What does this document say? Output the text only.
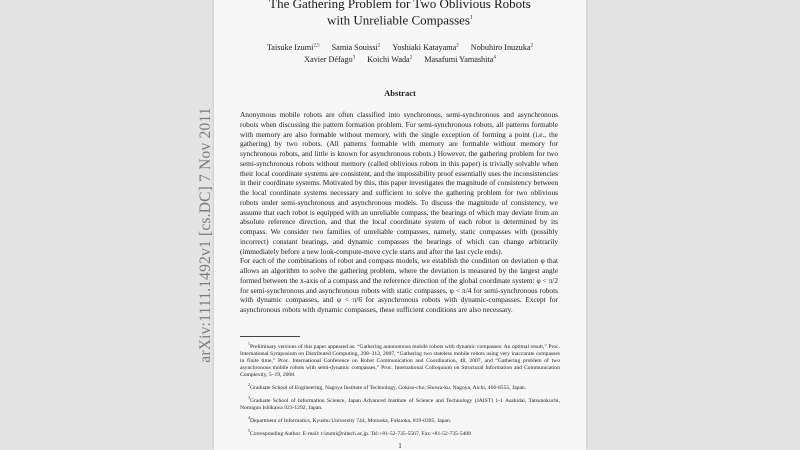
arXiv:1111.1492v1 [cs.DC] 7 Nov 2011
The Gathering Problem for Two Oblivious Robots
with Unreliable Compasses$^1$
Taisuke Izumi$^{2,5}$ Samia Souissi$^2$ Yoshiaki Katayama$^2$ Nobuhiro Inuzuka$^2$
Xavier Défago$^3$ Koichi Wada$^2$ Masafumi Yamashita$^4$
Abstract

Anonymous mobile robots are often classified into synchronous, semi-synchronous and asynchronous robots when discussing the pattern formation problem. For semi-synchronous robots, all patterns formable with memory are also formable without memory, with the single exception of forming a point (i.e., the gathering) by two robots. (All patterns formable with memory are formable without memory for synchronous robots, and little is known for asynchronous robots.) However, the gathering problem for two semi-synchronous robots without memory (called oblivious robots in this paper) is trivially solvable when their local coordinate systems are consistent, and the impossibility proof essentially uses the inconsistencies in their coordinate systems. Motivated by this, this paper investigates the magnitude of consistency between the local coordinate systems necessary and sufficient to solve the gathering problem for two oblivious robots under semi-synchronous and asynchronous models. To discuss the magnitude of consistency, we assume that each robot is equipped with an unreliable compass, the bearings of which may deviate from an absolute reference direction, and that the local coordinate system of each robot is determined by its compass. We consider two families of unreliable compasses, namely, static compasses with (possibly incorrect) constant bearings, and dynamic compasses the bearings of which can change arbitrarily (immediately before a new look-compute-move cycle starts and after the last cycle ends).

For each of the combinations of robot and compass models, we establish the condition on deviation φ that allows an algorithm to solve the gathering problem, where the deviation is measured by the largest angle formed between the x-axis of a compass and the reference direction of the global coordinate system: φ < π/2 for semi-synchronous and asynchronous robots with static compasses, φ < π/4 for semi-synchronous robots with dynamic compasses, and φ < π/6 for asynchronous robots with dynamic-compasses. Except for asynchronous robots with dynamic compasses, these sufficient conditions are also necessary.

$^1$Preliminary versions of this paper appeared as: “Gathering autonomous mobile robots with dynamic compasses: An optimal result,” Proc. International Symposium on Distributed Computing, 298–312, 2007, “Gathering two stateless mobile robots using very inaccurate compasses in finite time,” Proc. International Conference on Robot Communication and Coordination, 48, 2007, and “Gathering problem of two asynchronous mobile robots with semi-dynamic compasses,” Proc. International Colloquium on Structural Information and Communication Complexity, 5–19, 2008.
$^2$Graduate School of Engineering, Nagoya Institute of Technology, Gokiso-cho, Showa-ku, Nagoya, Aichi, 466-8555, Japan.
$^3$Graduate School of Information Science, Japan Advanced Institute of Science and Technology (JAIST) 1-1 Asahidai, Tatsunokuchi, Nomigun Ishikawa 923-1292, Japan.
$^4$Department of Informatics, Kyushu University 744, Motooka, Fukuoka, 819-0395, Japan.
$^5$Corresponding Author. E-mail: t-izumi@nitech.ac.jp. Tel:+81-52-735-5567, Fax:+81-52-735-5408
1
